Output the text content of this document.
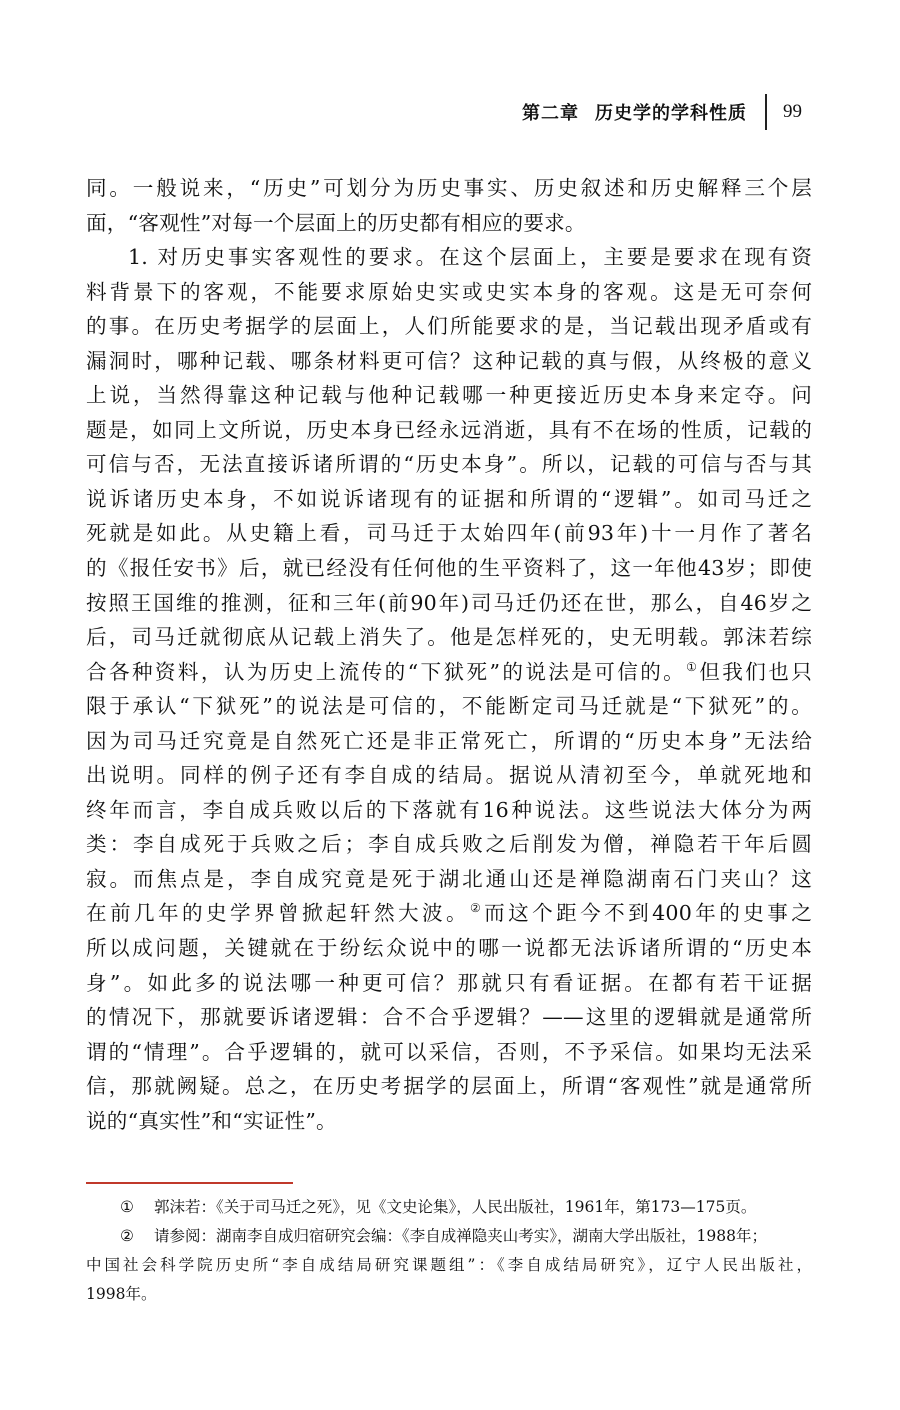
第二章 历史学的学科性质 99
同。一般说来，“历史”可划分为历史事实、历史叙述和历史解释三个层
面，“客观性”对每一个层面上的历史都有相应的要求。
1. 对历史事实客观性的要求。在这个层面上，主要是要求在现有资
料背景下的客观，不能要求原始史实或史实本身的客观。这是无可奈何
的事。在历史考据学的层面上，人们所能要求的是，当记载出现矛盾或有
漏洞时，哪种记载、哪条材料更可信？这种记载的真与假，从终极的意义
上说，当然得靠这种记载与他种记载哪一种更接近历史本身来定夺。问
题是，如同上文所说，历史本身已经永远消逝，具有不在场的性质，记载的
可信与否，无法直接诉诸所谓的“历史本身”。所以，记载的可信与否与其
说诉诸历史本身，不如说诉诸现有的证据和所谓的“逻辑”。如司马迁之
死就是如此。从史籍上看，司马迁于太始四年(前93年)十一月作了著名
的《报任安书》后，就已经没有任何他的生平资料了，这一年他43岁；即使
按照王国维的推测，征和三年(前90年)司马迁仍还在世，那么，自46岁之
后，司马迁就彻底从记载上消失了。他是怎样死的，史无明载。郭沫若综
合各种资料，认为历史上流传的“下狱死”的说法是可信的。①但我们也只
限于承认“下狱死”的说法是可信的，不能断定司马迁就是“下狱死”的。
因为司马迁究竟是自然死亡还是非正常死亡，所谓的“历史本身”无法给
出说明。同样的例子还有李自成的结局。据说从清初至今，单就死地和
终年而言，李自成兵败以后的下落就有16种说法。这些说法大体分为两
类：李自成死于兵败之后；李自成兵败之后削发为僧，禅隐若干年后圆
寂。而焦点是，李自成究竟是死于湖北通山还是禅隐湖南石门夹山？这
在前几年的史学界曾掀起轩然大波。②而这个距今不到400年的史事之
所以成问题，关键就在于纷纭众说中的哪一说都无法诉诸所谓的“历史本
身”。如此多的说法哪一种更可信？那就只有看证据。在都有若干证据
的情况下，那就要诉诸逻辑：合不合乎逻辑？——这里的逻辑就是通常所
谓的“情理”。合乎逻辑的，就可以采信，否则，不予采信。如果均无法采
信，那就阙疑。总之，在历史考据学的层面上，所谓“客观性”就是通常所
说的“真实性”和“实证性”。
① 郭沫若：《关于司马迁之死》，见《文史论集》，人民出版社，1961年，第173—175页。
② 请参阅：湖南李自成归宿研究会编：《李自成禅隐夹山考实》，湖南大学出版社，1988年；
中国社会科学院历史所“李自成结局研究课题组”：《李自成结局研究》，辽宁人民出版社，
1998年。
